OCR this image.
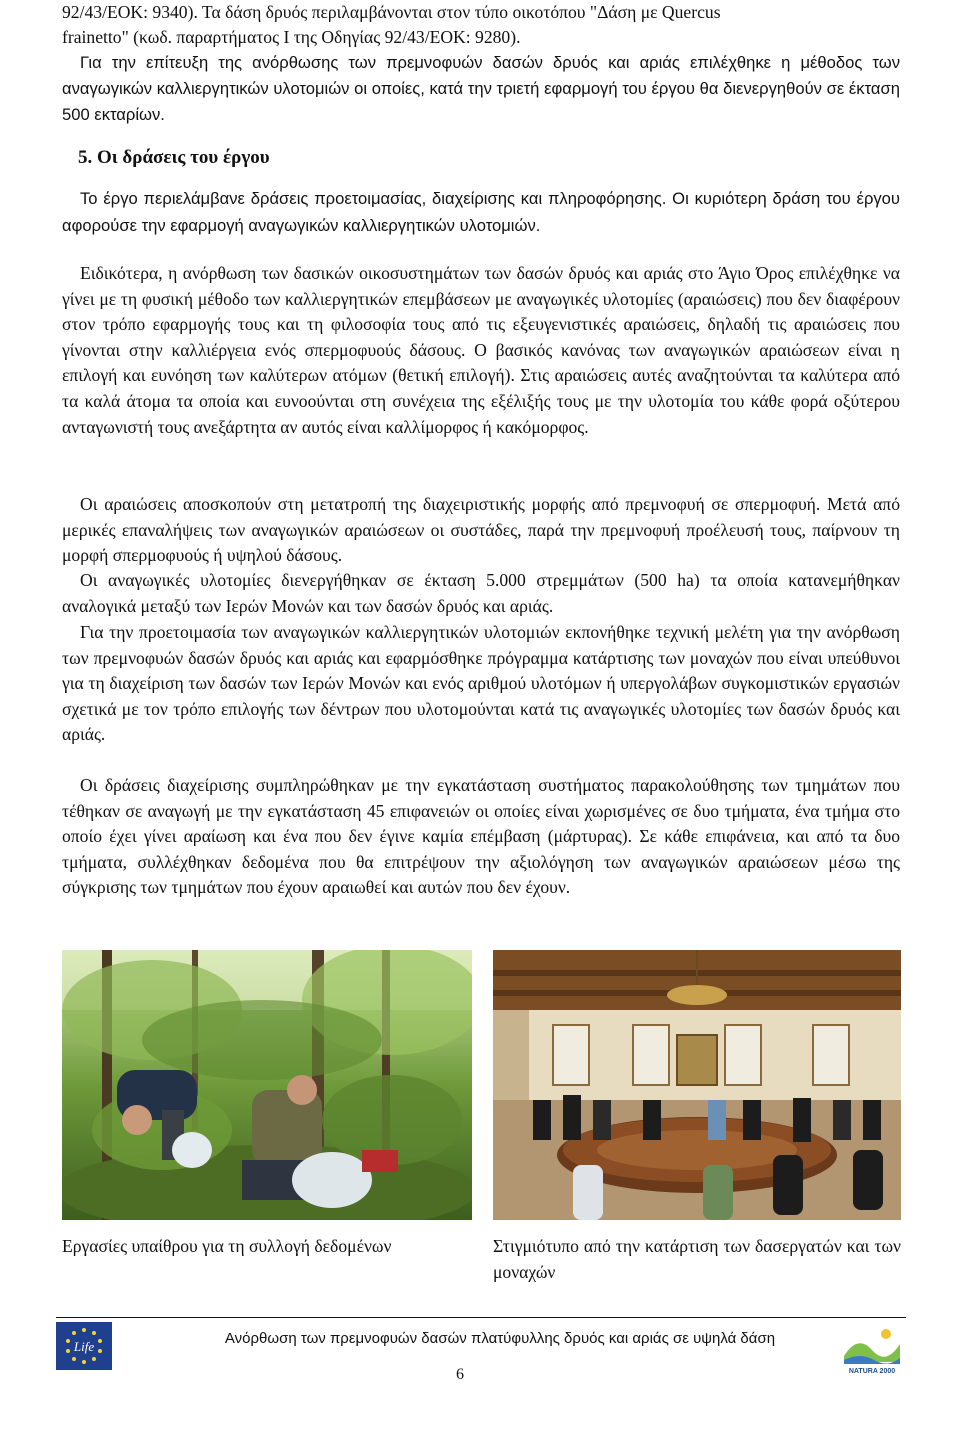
92/43/ΕΟΚ: 9340). Τα δάση δρυός περιλαμβάνονται στον τύπο οικοτόπου "Δάση με Quercus
frainetto" (κωδ. παραρτήματος Ι της Οδηγίας 92/43/ΕΟΚ: 9280).
Για την επίτευξη της ανόρθωσης των πρεμνοφυών δασών δρυός και αριάς επιλέχθηκε η μέθοδος των αναγωγικών καλλιεργητικών υλοτομιών οι οποίες, κατά την τριετή εφαρμογή του έργου θα διενεργηθούν σε έκταση 500 εκταρίων.
5. Οι δράσεις του έργου
Το έργο περιελάμβανε δράσεις προετοιμασίας, διαχείρισης και πληροφόρησης. Οι κυριότερη δράση του έργου αφορούσε την εφαρμογή αναγωγικών καλλιεργητικών υλοτομιών.
Ειδικότερα, η ανόρθωση των δασικών οικοσυστημάτων των δασών δρυός και αριάς στο Άγιο Όρος επιλέχθηκε να γίνει με τη φυσική μέθοδο των καλλιεργητικών επεμβάσεων με αναγωγικές υλοτομίες (αραιώσεις) που δεν διαφέρουν στον τρόπο εφαρμογής τους και τη φιλοσοφία τους από τις εξευγενιστικές αραιώσεις, δηλαδή τις αραιώσεις που γίνονται στην καλλιέργεια ενός σπερμοφυούς δάσους. Ο βασικός κανόνας των αναγωγικών αραιώσεων είναι η επιλογή και ευνόηση των καλύτερων ατόμων (θετική επιλογή). Στις αραιώσεις αυτές αναζητούνται τα καλύτερα από τα καλά άτομα τα οποία και ευνοούνται στη συνέχεια της εξέλιξής τους με την υλοτομία του κάθε φορά οξύτερου ανταγωνιστή τους ανεξάρτητα αν αυτός είναι καλλίμορφος ή κακόμορφος.
Οι αραιώσεις αποσκοπούν στη μετατροπή της διαχειριστικής μορφής από πρεμνοφυή σε σπερμοφυή. Μετά από μερικές επαναλήψεις των αναγωγικών αραιώσεων οι συστάδες, παρά την πρεμνοφυή προέλευσή τους, παίρνουν τη μορφή σπερμοφυούς ή υψηλού δάσους.
Οι αναγωγικές υλοτομίες διενεργήθηκαν σε έκταση 5.000 στρεμμάτων (500 ha) τα οποία κατανεμήθηκαν αναλογικά μεταξύ των Ιερών Μονών και των δασών δρυός και αριάς.
Για την προετοιμασία των αναγωγικών καλλιεργητικών υλοτομιών εκπονήθηκε τεχνική μελέτη για την ανόρθωση των πρεμνοφυών δασών δρυός και αριάς και εφαρμόσθηκε πρόγραμμα κατάρτισης των μοναχών που είναι υπεύθυνοι για τη διαχείριση των δασών των Ιερών Μονών και ενός αριθμού υλοτόμων ή υπεργολάβων συγκομιστικών εργασιών σχετικά με τον τρόπο επιλογής των δέντρων που υλοτομούνται κατά τις αναγωγικές υλοτομίες των δασών δρυός και αριάς.
Οι δράσεις διαχείρισης συμπληρώθηκαν με την εγκατάσταση συστήματος παρακολούθησης των τμημάτων που τέθηκαν σε αναγωγή με την εγκατάσταση 45 επιφανειών οι οποίες είναι χωρισμένες σε δυο τμήματα, ένα τμήμα στο οποίο έχει γίνει αραίωση και ένα που δεν έγινε καμία επέμβαση (μάρτυρας). Σε κάθε επιφάνεια, και από τα δυο τμήματα, συλλέχθηκαν δεδομένα που θα επιτρέψουν την αξιολόγηση των αναγωγικών αραιώσεων μέσω της σύγκρισης των τμημάτων που έχουν αραιωθεί και αυτών που δεν έχουν.
Εργασίες υπαίθρου για τη συλλογή δεδομένων	Στιγμιότυπο από την κατάρτιση των δασεργατών και των μοναχών
Life	Ανόρθωση των πρεμνοφυών δασών πλατύφυλλης δρυός και αριάς σε υψηλά δάση
6	NATURA 2000
